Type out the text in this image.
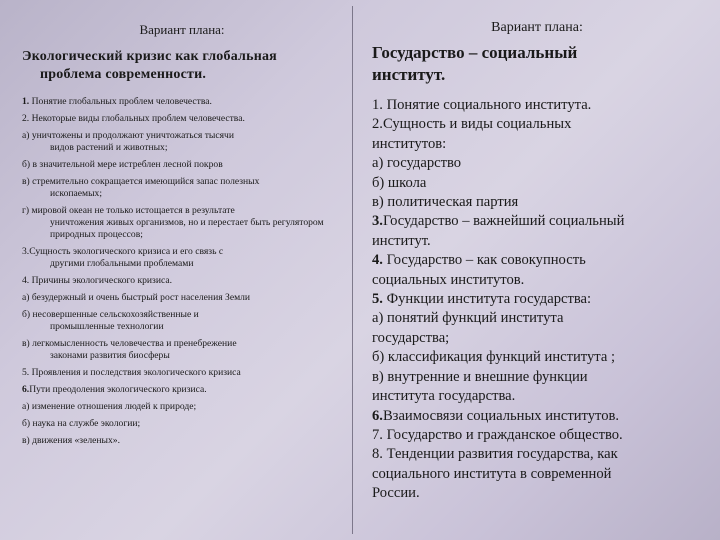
Вариант плана:

Экологический кризис как глобальная
проблема современности.

1. Понятие глобальных проблем человечества.
2. Некоторые виды глобальных проблем человечества.
а) уничтожены и продолжают уничтожаться тысячи
видов растений и животных;
б) в значительной мере истреблен лесной покров
в) стремительно сокращается имеющийся запас полезных
ископаемых;
г) мировой океан не только истощается в результате
уничтожения живых организмов, но и перестает быть регулятором природных процессов;
3.Сущность экологического кризиса и его связь с
другими глобальными проблемами
4. Причины экологического кризиса.
а) безудержный и очень быстрый рост населения Земли
б) несовершенные сельскохозяйственные и
промышленные технологии
в) легкомысленность человечества и пренебрежение
законами развития биосферы
5. Проявления и последствия экологического кризиса
6.Пути преодоления экологического кризиса.
а) изменение отношения людей к природе;
б) наука на службе экологии;
в) движения «зеленых».

Вариант плана:

Государство – социальный
институт.

1. Понятие социального института.
2.Сущность и виды социальных
институтов:
а) государство
б) школа
в) политическая партия
3.Государство – важнейший социальный
институт.
4. Государство – как совокупность
социальных институтов.
5. Функции института государства:
а) понятий функций института
государства;
б) классификация функций института ;
в) внутренние и внешние функции
института государства.
6.Взаимосвязи социальных институтов.
7. Государство и гражданское общество.
8. Тенденции развития государства, как
социального института в современной
России.
